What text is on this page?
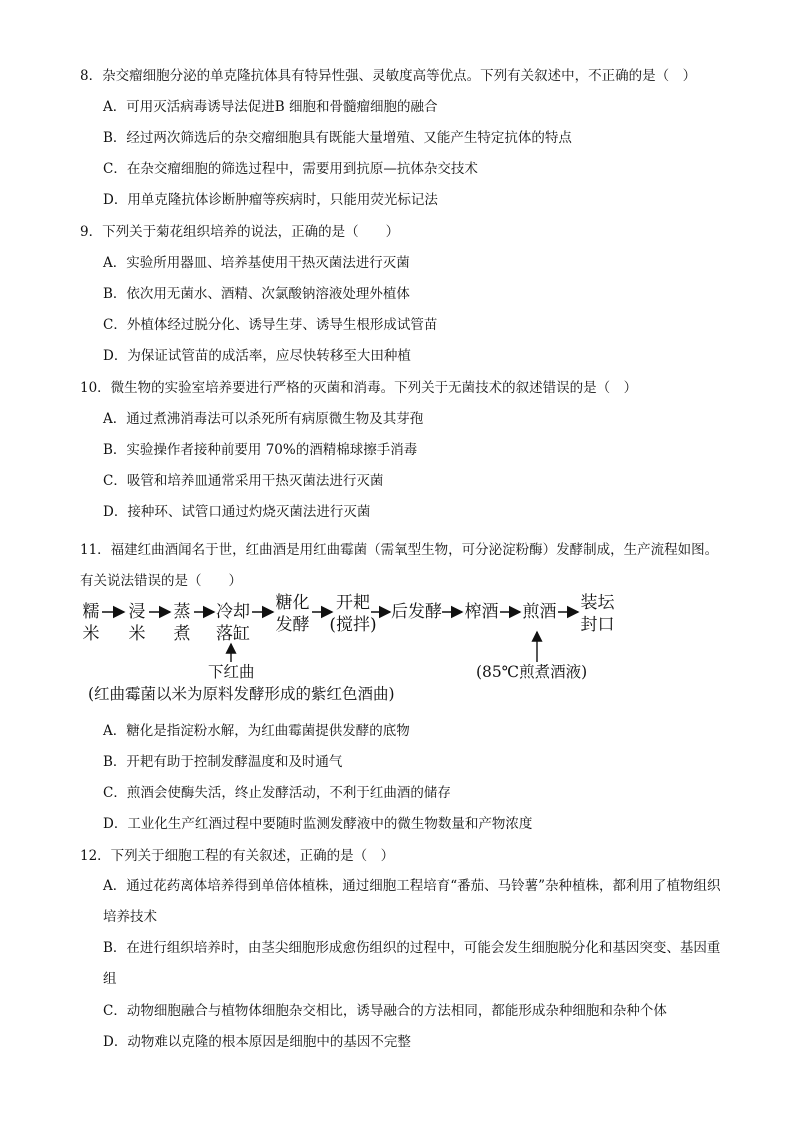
8．杂交瘤细胞分泌的单克隆抗体具有特异性强、灵敏度高等优点。下列有关叙述中，不正确的是（　）
A．可用灭活病毒诱导法促进B 细胞和骨髓瘤细胞的融合
B．经过两次筛选后的杂交瘤细胞具有既能大量增殖、又能产生特定抗体的特点
C．在杂交瘤细胞的筛选过程中，需要用到抗原—抗体杂交技术
D．用单克隆抗体诊断肿瘤等疾病时，只能用荧光标记法
9．下列关于菊花组织培养的说法，正确的是（　　）
A．实验所用器皿、培养基使用干热灭菌法进行灭菌
B．依次用无菌水、酒精、次氯酸钠溶液处理外植体
C．外植体经过脱分化、诱导生芽、诱导生根形成试管苗
D．为保证试管苗的成活率，应尽快转移至大田种植
10．微生物的实验室培养要进行严格的灭菌和消毒。下列关于无菌技术的叙述错误的是（　）
A．通过煮沸消毒法可以杀死所有病原微生物及其芽孢
B．实验操作者接种前要用 70%的酒精棉球擦手消毒
C．吸管和培养皿通常采用干热灭菌法进行灭菌
D．接种环、试管口通过灼烧灭菌法进行灭菌
11．福建红曲酒闻名于世，红曲酒是用红曲霉菌（需氧型生物，可分泌淀粉酶）发酵制成，生产流程如图。有关说法错误的是（　　）
糯
米
浸
米
蒸
煮
冷却
落缸
糖化
发酵
开耙
(搅拌)
后发酵 榨酒 煎酒 装坛
封口
下红曲
(红曲霉菌以米为原料发酵形成的紫红色酒曲)
(85℃煎煮酒液)
A．糖化是指淀粉水解，为红曲霉菌提供发酵的底物
B．开耙有助于控制发酵温度和及时通气
C．煎酒会使酶失活，终止发酵活动，不利于红曲酒的储存
D．工业化生产红酒过程中要随时监测发酵液中的微生物数量和产物浓度
12．下列关于细胞工程的有关叙述，正确的是（　）
A．通过花药离体培养得到单倍体植株，通过细胞工程培育“番茄、马铃薯”杂种植株，都利用了植物组织培养技术
B．在进行组织培养时，由茎尖细胞形成愈伤组织的过程中，可能会发生细胞脱分化和基因突变、基因重组
C．动物细胞融合与植物体细胞杂交相比，诱导融合的方法相同，都能形成杂种细胞和杂种个体
D．动物难以克隆的根本原因是细胞中的基因不完整
